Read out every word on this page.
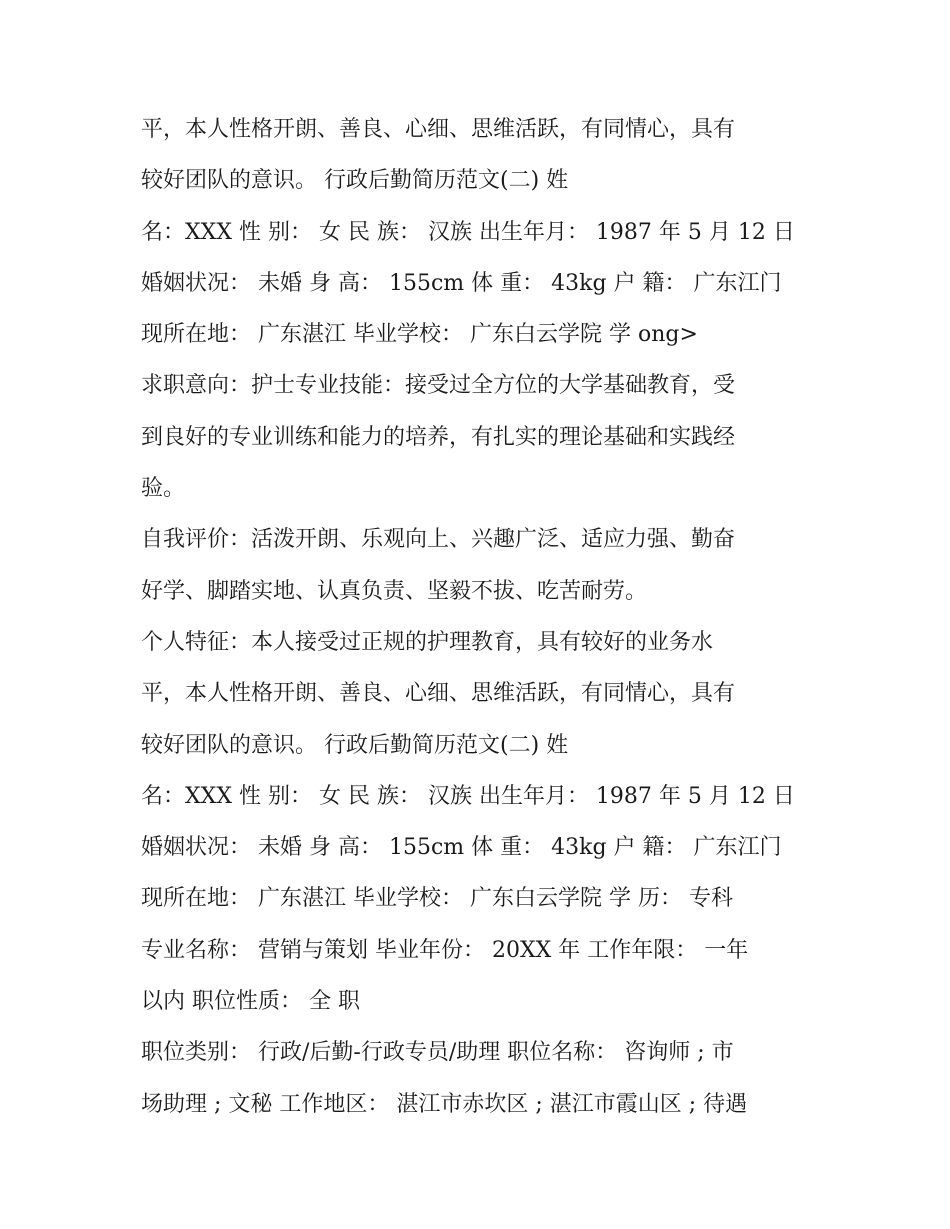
平，本人性格开朗、善良、心细、思维活跃，有同情心，具有
较好团队的意识。 行政后勤简历范文(二) 姓
名：XXX 性 别： 女 民 族： 汉族 出生年月： 1987 年 5 月 12 日
婚姻状况： 未婚 身 高： 155cm 体 重： 43kg 户 籍： 广东江门
现所在地： 广东湛江 毕业学校： 广东白云学院 学 ong>
求职意向：护士专业技能：接受过全方位的大学基础教育，受
到良好的专业训练和能力的培养，有扎实的理论基础和实践经
验。
自我评价：活泼开朗、乐观向上、兴趣广泛、适应力强、勤奋
好学、脚踏实地、认真负责、坚毅不拔、吃苦耐劳。
个人特征：本人接受过正规的护理教育，具有较好的业务水
平，本人性格开朗、善良、心细、思维活跃，有同情心，具有
较好团队的意识。 行政后勤简历范文(二) 姓
名：XXX 性 别： 女 民 族： 汉族 出生年月： 1987 年 5 月 12 日
婚姻状况： 未婚 身 高： 155cm 体 重： 43kg 户 籍： 广东江门
现所在地： 广东湛江 毕业学校： 广东白云学院 学 历： 专科
专业名称： 营销与策划 毕业年份： 20XX 年 工作年限： 一年
以内 职位性质： 全 职
职位类别： 行政/后勤-行政专员/助理 职位名称： 咨询师 ; 市
场助理 ; 文秘 工作地区： 湛江市赤坎区 ; 湛江市霞山区 ; 待遇
